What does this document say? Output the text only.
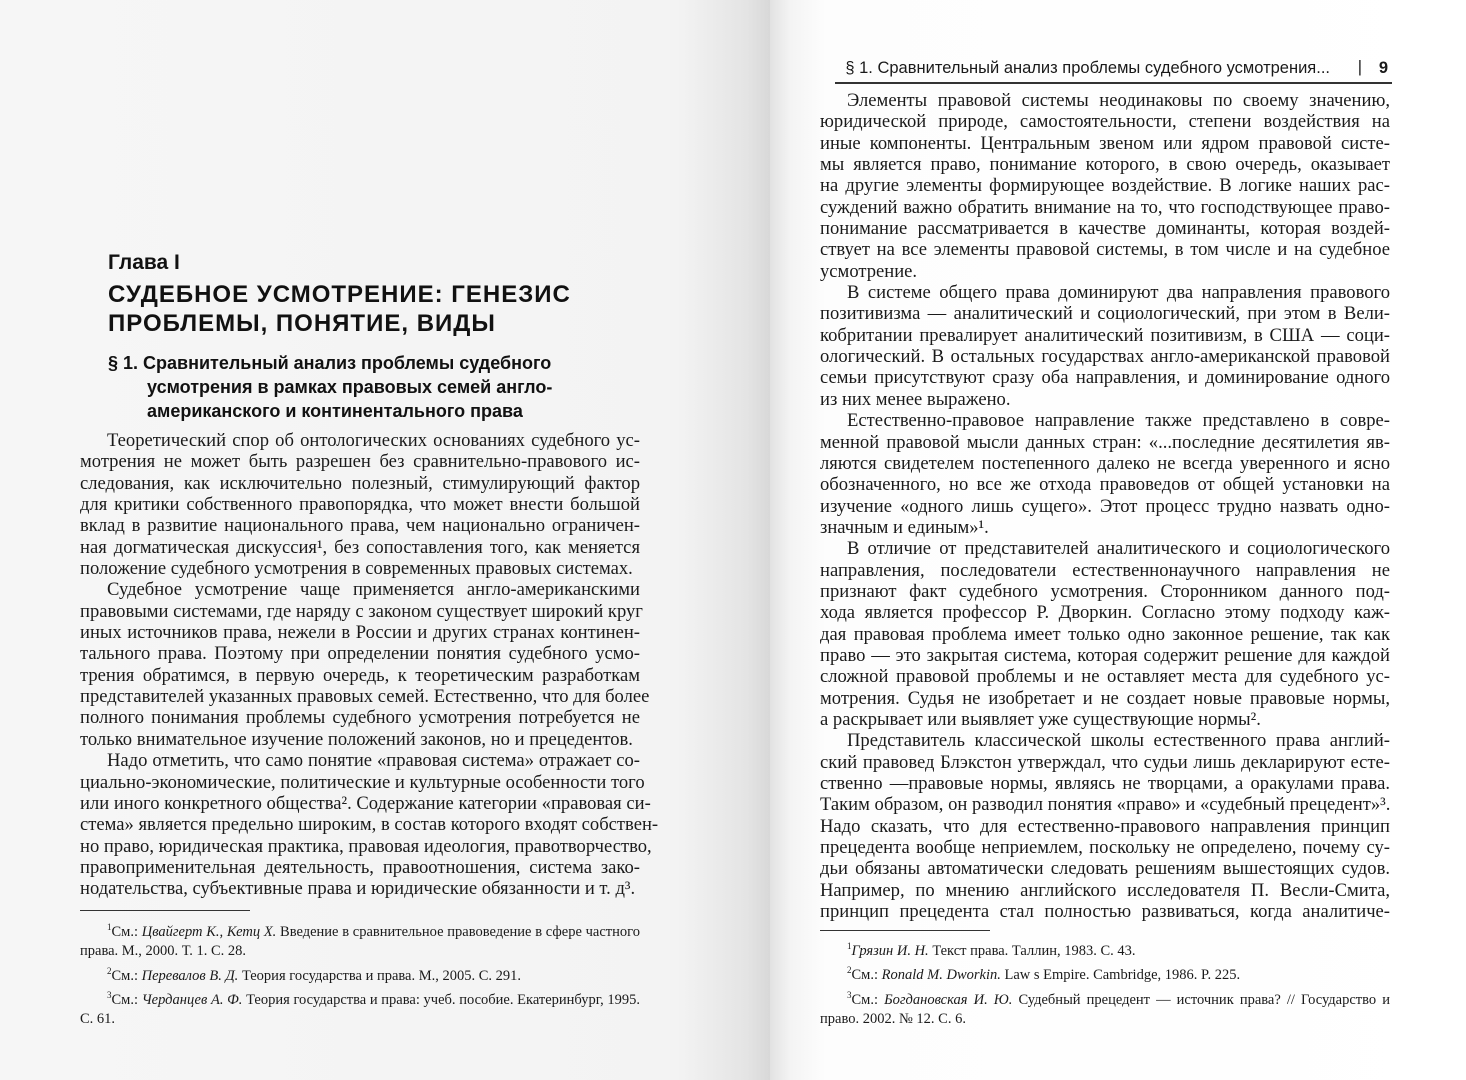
Глава I
СУДЕБНОЕ УСМОТРЕНИЕ: ГЕНЕЗИС
ПРОБЛЕМЫ, ПОНЯТИЕ, ВИДЫ
§ 1. Сравнительный анализ проблемы судебного
усмотрения в рамках правовых семей англо-
американского и континентального права
Теоретический спор об онтологических основаниях судебного ус-
мотрения не может быть разрешен без сравнительно-правового ис-
следования, как исключительно полезный, стимулирующий фактор
для критики собственного правопорядка, что может внести большой
вклад в развитие национального права, чем национально ограничен-
ная догматическая дискуссия¹, без сопоставления того, как меняется
положение судебного усмотрения в современных правовых системах.
Судебное усмотрение чаще применяется англо-американскими
правовыми системами, где наряду с законом существует широкий круг
иных источников права, нежели в России и других странах континен-
тального права. Поэтому при определении понятия судебного усмо-
трения обратимся, в первую очередь, к теоретическим разработкам
представителей указанных правовых семей. Естественно, что для более
полного понимания проблемы судебного усмотрения потребуется не
только внимательное изучение положений законов, но и прецедентов.
Надо отметить, что само понятие «правовая система» отражает со-
циально-экономические, политические и культурные особенности того
или иного конкретного общества². Содержание категории «правовая си-
стема» является предельно широким, в состав которого входят собствен-
но право, юридическая практика, правовая идеология, правотворчество,
правоприменительная деятельность, правоотношения, система зако-
нодательства, субъективные права и юридические обязанности и т. д³.
$^1$См.: Цвайгерт К., Кетц Х. Введение в сравнительное правоведение в сфере частного права. М., 2000. Т. 1. С. 28.
$^2$См.: Перевалов В. Д. Теория государства и права. М., 2005. С. 291.
$^3$См.: Черданцев А. Ф. Теория государства и права: учеб. пособие. Екатеринбург, 1995. С. 61.
§ 1. Сравнительный анализ проблемы судебного усмотрения... | 9
Элементы правовой системы неодинаковы по своему значению,
юридической природе, самостоятельности, степени воздействия на
иные компоненты. Центральным звеном или ядром правовой систе-
мы является право, понимание которого, в свою очередь, оказывает
на другие элементы формирующее воздействие. В логике наших рас-
суждений важно обратить внимание на то, что господствующее право-
понимание рассматривается в качестве доминанты, которая воздей-
ствует на все элементы правовой системы, в том числе и на судебное
усмотрение.
В системе общего права доминируют два направления правового
позитивизма — аналитический и социологический, при этом в Вели-
кобритании превалирует аналитический позитивизм, в США — соци-
ологический. В остальных государствах англо-американской правовой
семьи присутствуют сразу оба направления, и доминирование одного
из них менее выражено.
Естественно-правовое направление также представлено в совре-
менной правовой мысли данных стран: «...последние десятилетия яв-
ляются свидетелем постепенного далеко не всегда уверенного и ясно
обозначенного, но все же отхода правоведов от общей установки на
изучение «одного лишь сущего». Этот процесс трудно назвать одно-
значным и единым»¹.
В отличие от представителей аналитического и социологического
направления, последователи естественнонаучного направления не
признают факт судебного усмотрения. Сторонником данного под-
хода является профессор Р. Дворкин. Согласно этому подходу каж-
дая правовая проблема имеет только одно законное решение, так как
право — это закрытая система, которая содержит решение для каждой
сложной правовой проблемы и не оставляет места для судебного ус-
мотрения. Судья не изобретает и не создает новые правовые нормы,
а раскрывает или выявляет уже существующие нормы².
Представитель классической школы естественного права англий-
ский правовед Блэкстон утверждал, что судьи лишь декларируют есте-
ственно —правовые нормы, являясь не творцами, а оракулами права.
Таким образом, он разводил понятия «право» и «судебный прецедент»³.
Надо сказать, что для естественно-правового направления принцип
прецедента вообще неприемлем, поскольку не определено, почему су-
дьи обязаны автоматически следовать решениям вышестоящих судов.
Например, по мнению английского исследователя П. Весли-Смита,
принцип прецедента стал полностью развиваться, когда аналитиче-
$^1$Грязин И. Н. Текст права. Таллин, 1983. С. 43.
$^2$См.: Ronald M. Dworkin. Law s Empire. Cambridge, 1986. P. 225.
$^3$См.: Богдановская И. Ю. Судебный прецедент — источник права? // Государство и право. 2002. № 12. С. 6.
